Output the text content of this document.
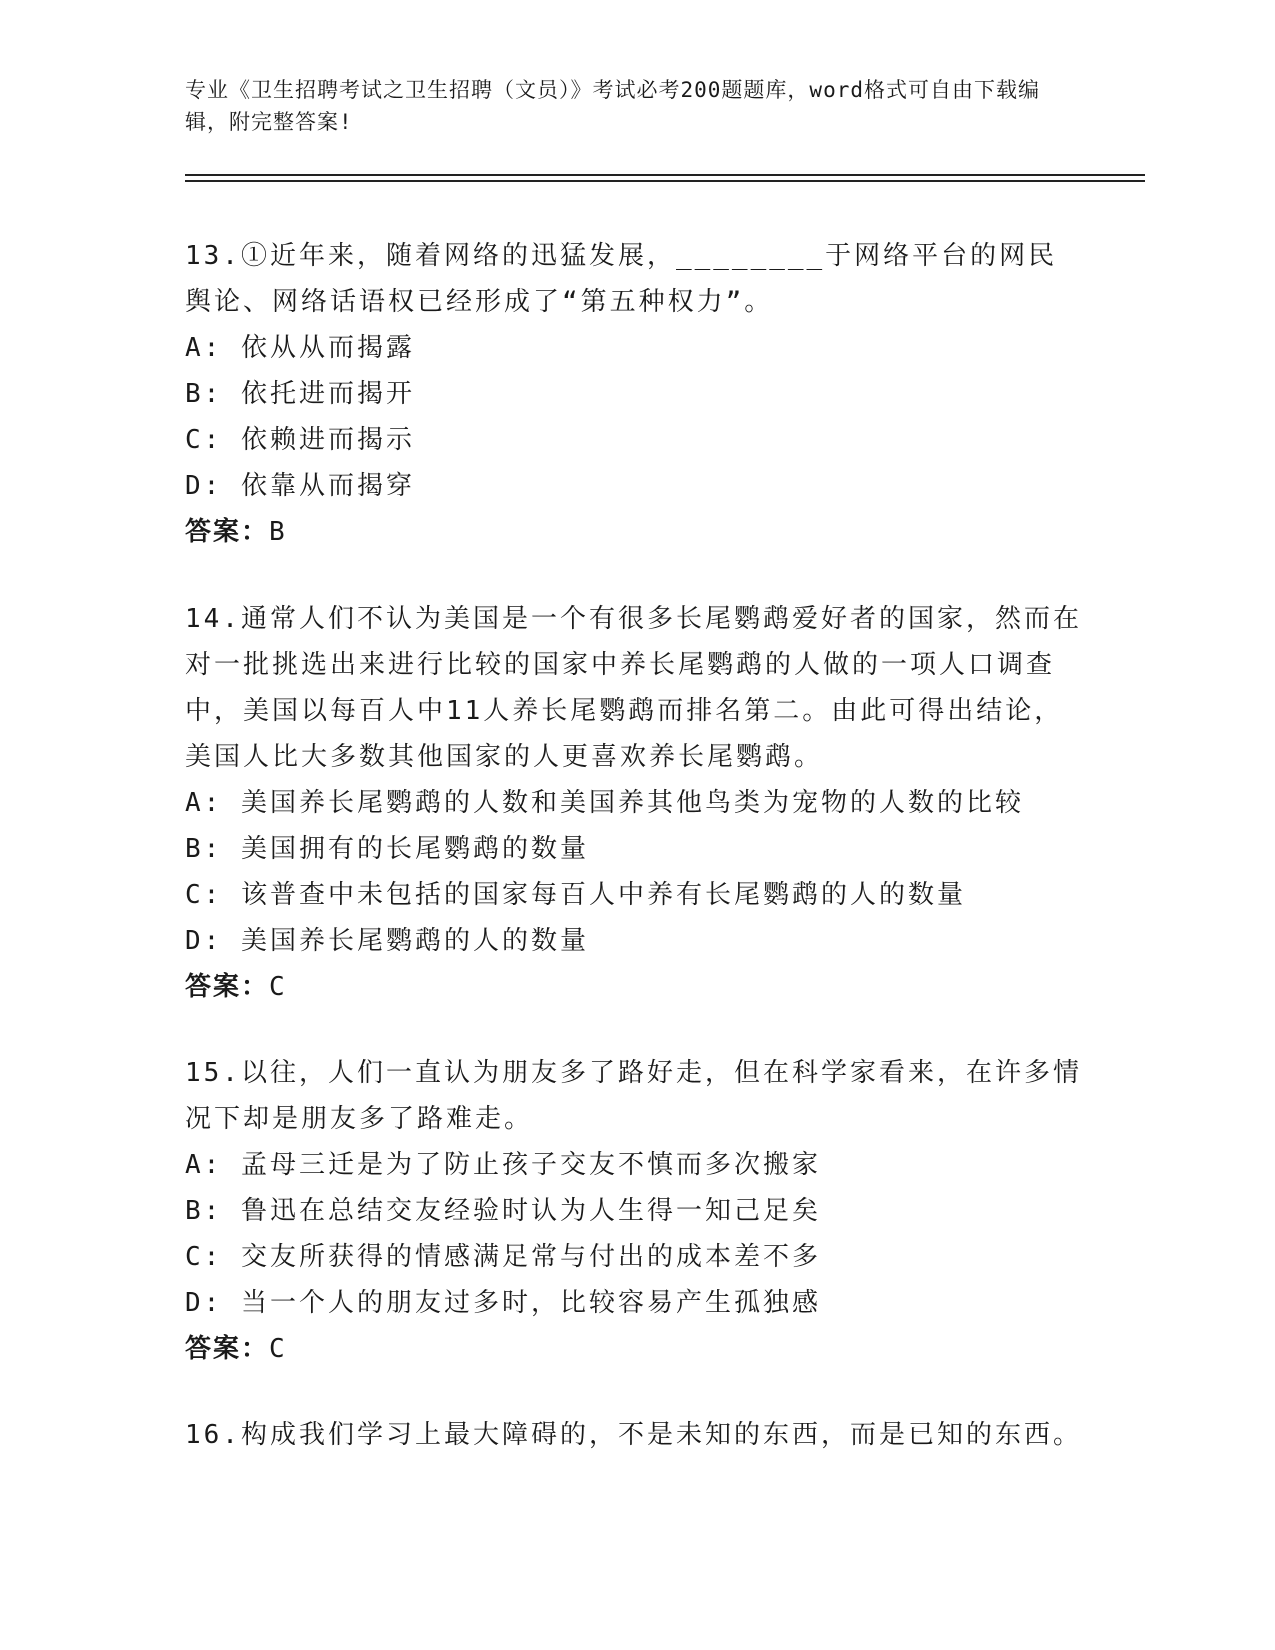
专业《卫生招聘考试之卫生招聘（文员）》考试必考200题题库，word格式可自由下载编辑，附完整答案!
13.①近年来，随着网络的迅猛发展，________于网络平台的网民舆论、网络话语权已经形成了“第五种权力”。
A: 依从从而揭露
B: 依托进而揭开
C: 依赖进而揭示
D: 依靠从而揭穿
答案：B
14.通常人们不认为美国是一个有很多长尾鹦鹉爱好者的国家，然而在对一批挑选出来进行比较的国家中养长尾鹦鹉的人做的一项人口调查中，美国以每百人中11人养长尾鹦鹉而排名第二。由此可得出结论，美国人比大多数其他国家的人更喜欢养长尾鹦鹉。
A: 美国养长尾鹦鹉的人数和美国养其他鸟类为宠物的人数的比较
B: 美国拥有的长尾鹦鹉的数量
C: 该普查中未包括的国家每百人中养有长尾鹦鹉的人的数量
D: 美国养长尾鹦鹉的人的数量
答案：C
15.以往，人们一直认为朋友多了路好走，但在科学家看来，在许多情况下却是朋友多了路难走。
A: 孟母三迁是为了防止孩子交友不慎而多次搬家
B: 鲁迅在总结交友经验时认为人生得一知己足矣
C: 交友所获得的情感满足常与付出的成本差不多
D: 当一个人的朋友过多时，比较容易产生孤独感
答案：C
16.构成我们学习上最大障碍的，不是未知的东西，而是已知的东西。
